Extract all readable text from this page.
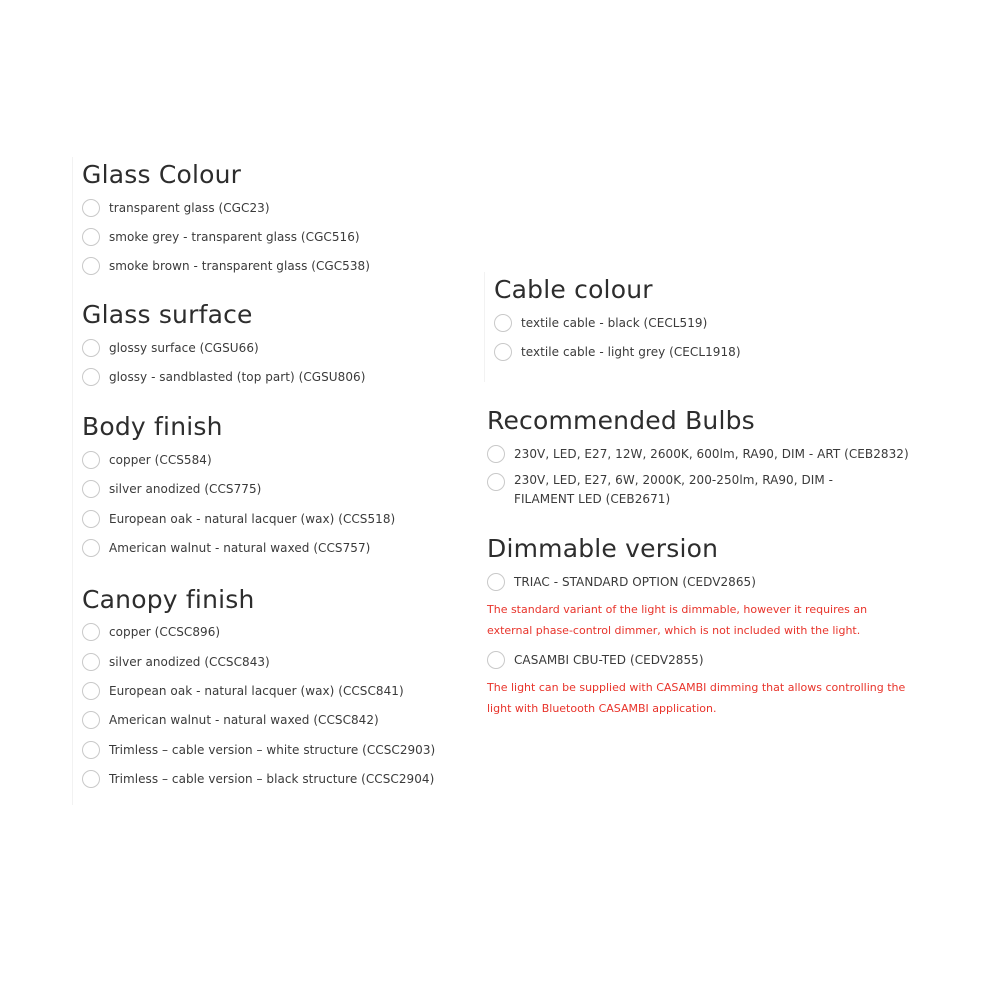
Glass Colour
transparent glass (CGC23)
smoke grey - transparent glass (CGC516)
smoke brown - transparent glass (CGC538)
Glass surface
glossy surface (CGSU66)
glossy - sandblasted (top part) (CGSU806)
Body finish
copper (CCS584)
silver anodized (CCS775)
European oak - natural lacquer (wax) (CCS518)
American walnut - natural waxed (CCS757)
Canopy finish
copper (CCSC896)
silver anodized (CCSC843)
European oak - natural lacquer (wax) (CCSC841)
American walnut - natural waxed (CCSC842)
Trimless – cable version – white structure (CCSC2903)
Trimless – cable version – black structure (CCSC2904)
Cable colour
textile cable - black (CECL519)
textile cable - light grey (CECL1918)
Recommended Bulbs
230V, LED, E27, 12W, 2600K, 600lm, RA90, DIM - ART (CEB2832)
230V, LED, E27, 6W, 2000K, 200-250lm, RA90, DIM - FILAMENT LED (CEB2671)
Dimmable version
TRIAC - STANDARD OPTION (CEDV2865)
The standard variant of the light is dimmable, however it requires an external phase-control dimmer, which is not included with the light.
CASAMBI CBU-TED (CEDV2855)
The light can be supplied with CASAMBI dimming that allows controlling the light with Bluetooth CASAMBI application.
